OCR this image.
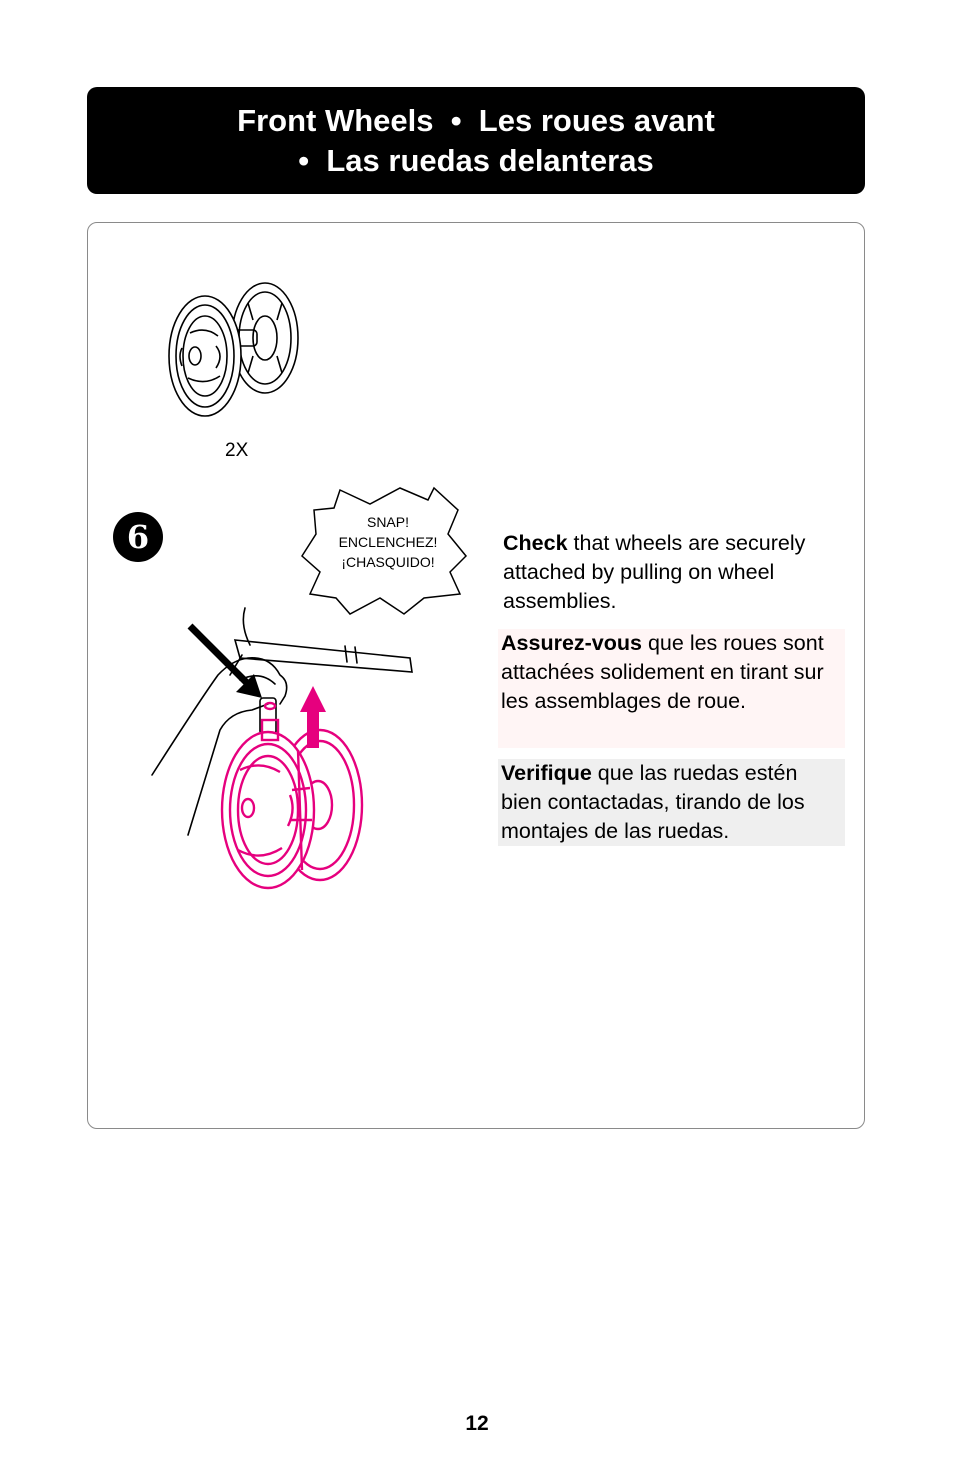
Front Wheels  •  Les roues avant
•  Las ruedas delanteras
2X
6	SNAP!
ENCLENCHEZ!
¡CHASQUIDO!
Check that wheels are securely attached by pulling on wheel assemblies.
Assurez-vous que les roues sont attachées solidement en tirant sur les assemblages de roue.
Verifique que las ruedas estén bien contactadas, tirando de los montajes de las ruedas.
12
